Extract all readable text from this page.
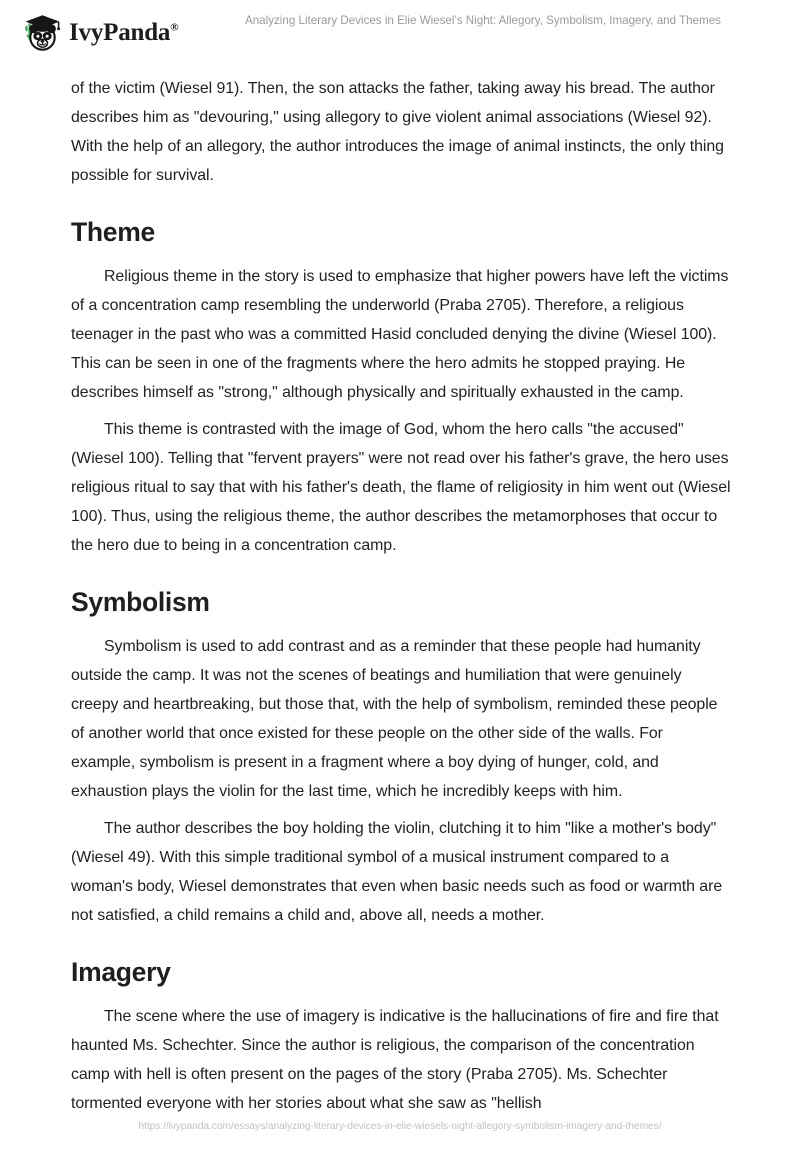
IvyPanda®
Analyzing Literary Devices in Elie Wiesel’s Night: Allegory, Symbolism, Imagery, and Themes

of the victim (Wiesel 91). Then, the son attacks the father, taking away his bread. The author describes him as "devouring," using allegory to give violent animal associations (Wiesel 92). With the help of an allegory, the author introduces the image of animal instincts, the only thing possible for survival.

Theme

Religious theme in the story is used to emphasize that higher powers have left the victims of a concentration camp resembling the underworld (Praba 2705). Therefore, a religious teenager in the past who was a committed Hasid concluded denying the divine (Wiesel 100). This can be seen in one of the fragments where the hero admits he stopped praying. He describes himself as "strong," although physically and spiritually exhausted in the camp.

This theme is contrasted with the image of God, whom the hero calls "the accused" (Wiesel 100). Telling that "fervent prayers" were not read over his father's grave, the hero uses religious ritual to say that with his father's death, the flame of religiosity in him went out (Wiesel 100). Thus, using the religious theme, the author describes the metamorphoses that occur to the hero due to being in a concentration camp.

Symbolism

Symbolism is used to add contrast and as a reminder that these people had humanity outside the camp. It was not the scenes of beatings and humiliation that were genuinely creepy and heartbreaking, but those that, with the help of symbolism, reminded these people of another world that once existed for these people on the other side of the walls. For example, symbolism is present in a fragment where a boy dying of hunger, cold, and exhaustion plays the violin for the last time, which he incredibly keeps with him.

The author describes the boy holding the violin, clutching it to him "like a mother's body" (Wiesel 49). With this simple traditional symbol of a musical instrument compared to a woman's body, Wiesel demonstrates that even when basic needs such as food or warmth are not satisfied, a child remains a child and, above all, needs a mother.

Imagery

The scene where the use of imagery is indicative is the hallucinations of fire and fire that haunted Ms. Schechter. Since the author is religious, the comparison of the concentration camp with hell is often present on the pages of the story (Praba 2705). Ms. Schechter tormented everyone with her stories about what she saw as "hellish

https://ivypanda.com/essays/analyzing-literary-devices-in-elie-wiesels-night-allegory-symbolism-imagery-and-themes/
